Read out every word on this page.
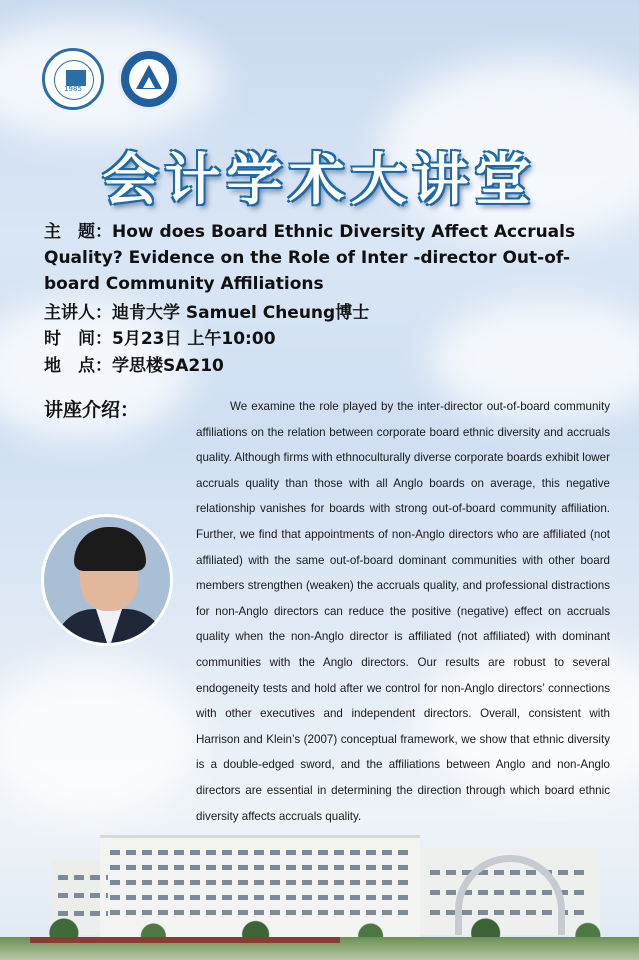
1985
会计学术大讲堂
主　题：How does Board Ethnic Diversity Affect Accruals Quality? Evidence on the Role of Inter -director Out-of-board Community Affiliations
主讲人：迪肯大学 Samuel Cheung博士
时　间：5月23日 上午10:00
地　点：学思楼SA210
讲座介绍：	We examine the role played by the inter-director out-of-board community affiliations on the relation between corporate board ethnic diversity and accruals quality. Although firms with ethnoculturally diverse corporate boards exhibit lower accruals quality than those with all Anglo boards on average, this negative relationship vanishes for boards with strong out-of-board community affiliation. Further, we find that appointments of non-Anglo directors who are affiliated (not affiliated) with the same out-of-board dominant communities with other board members strengthen (weaken) the accruals quality, and professional distractions for non-Anglo directors can reduce the positive (negative) effect on accruals quality when the non-Anglo director is affiliated (not affiliated) with dominant communities with the Anglo directors. Our results are robust to several endogeneity tests and hold after we control for non-Anglo directors’ connections with other executives and independent directors. Overall, consistent with Harrison and Klein’s (2007) conceptual framework, we show that ethnic diversity is a double-edged sword, and the affiliations between Anglo and non-Anglo directors are essential in determining the direction through which board ethnic diversity affects accruals quality.
